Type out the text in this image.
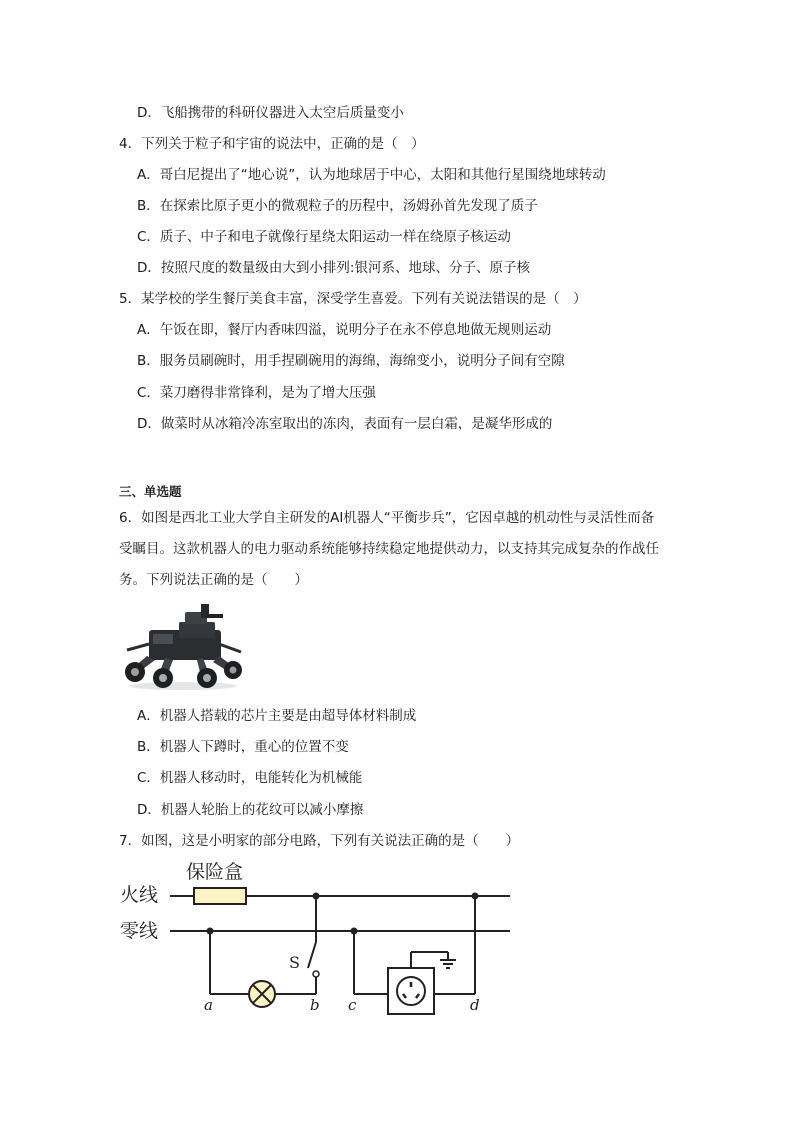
D．飞船携带的科研仪器进入太空后质量变小
4．下列关于粒子和宇宙的说法中，正确的是（　）
A．哥白尼提出了“地心说”，认为地球居于中心，太阳和其他行星围绕地球转动
B．在探索比原子更小的微观粒子的历程中，汤姆孙首先发现了质子
C．质子、中子和电子就像行星绕太阳运动一样在绕原子核运动
D．按照尺度的数量级由大到小排列:银河系、地球、分子、原子核
5．某学校的学生餐厅美食丰富，深受学生喜爱。下列有关说法错误的是（　）
A．午饭在即，餐厅内香味四溢，说明分子在永不停息地做无规则运动
B．服务员刷碗时，用手捏刷碗用的海绵，海绵变小，说明分子间有空隙
C．菜刀磨得非常锋利，是为了增大压强
D．做菜时从冰箱冷冻室取出的冻肉，表面有一层白霜，是凝华形成的
三、单选题
6．如图是西北工业大学自主研发的AI机器人“平衡步兵”，它因卓越的机动性与灵活性而备
受瞩目。这款机器人的电力驱动系统能够持续稳定地提供动力，以支持其完成复杂的作战任
务。下列说法正确的是（　　）
A．机器人搭载的芯片主要是由超导体材料制成
B．机器人下蹲时，重心的位置不变
C．机器人移动时，电能转化为机械能
D．机器人轮胎上的花纹可以减小摩擦
7．如图，这是小明家的部分电路，下列有关说法正确的是（　　）
保险盒
火线
零线
S
a	b c	d
